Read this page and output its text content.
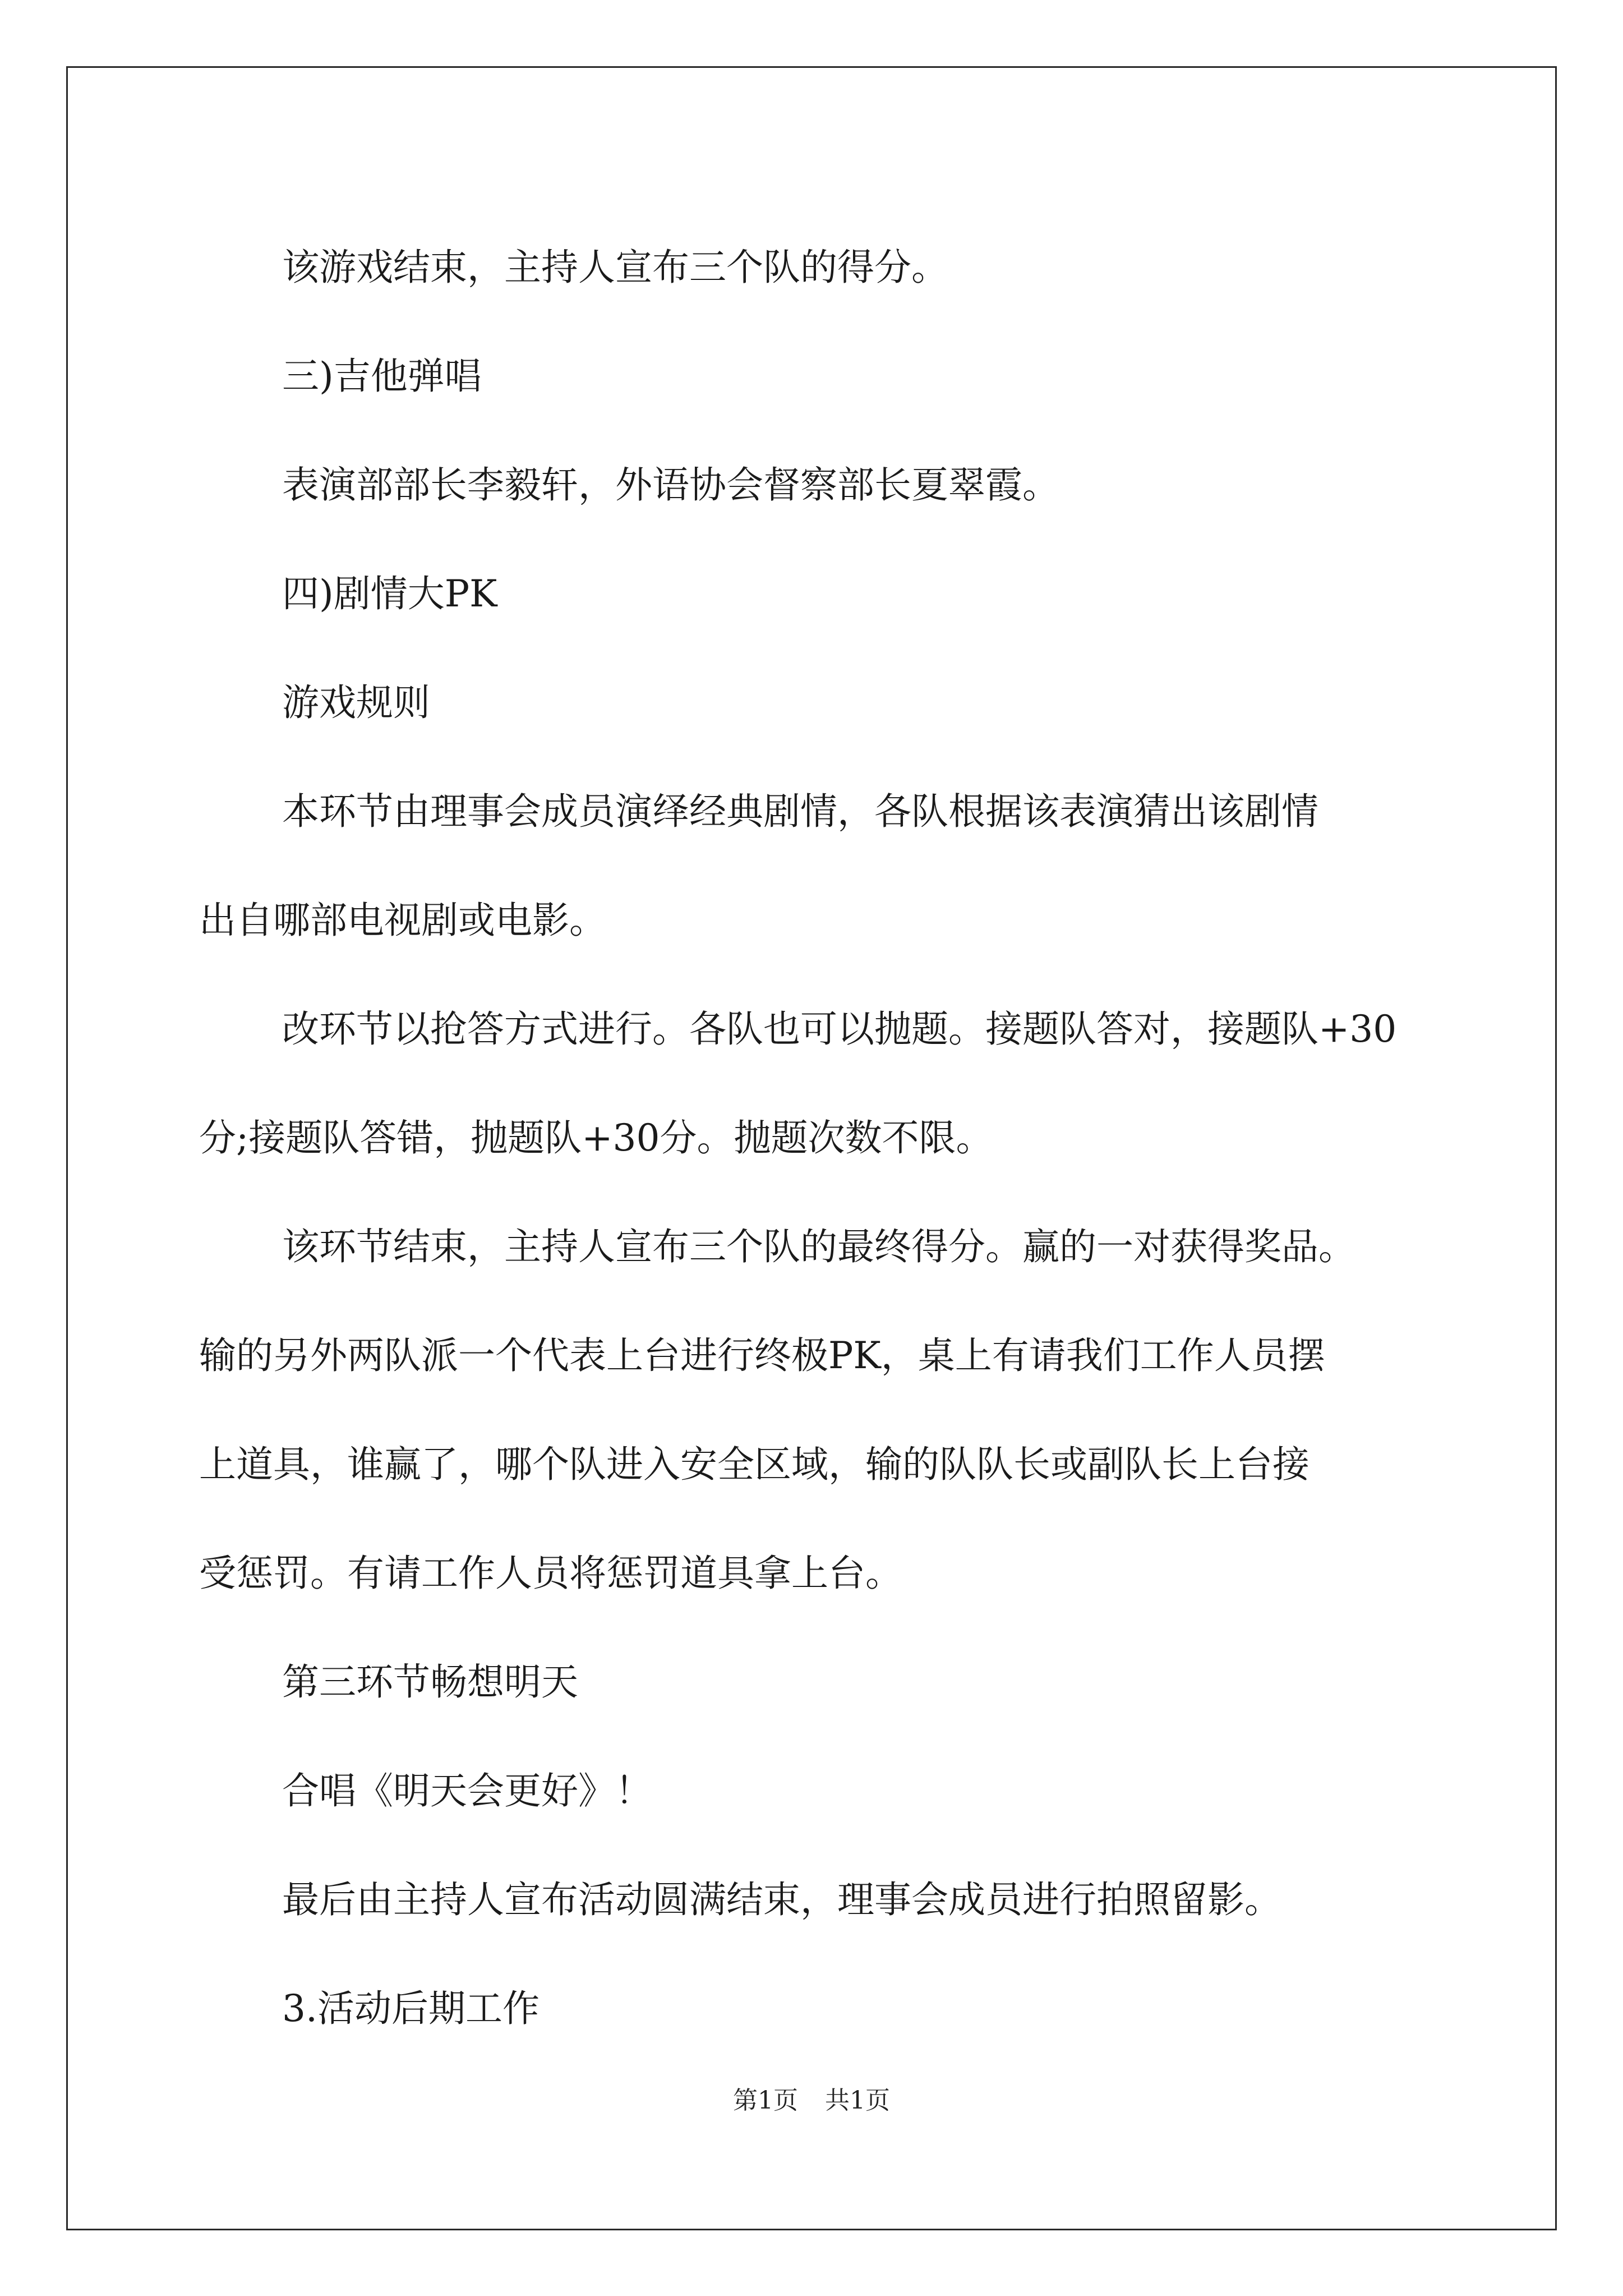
该游戏结束，主持人宣布三个队的得分。

三)吉他弹唱

表演部部长李毅轩，外语协会督察部长夏翠霞。

四)剧情大PK

游戏规则

本环节由理事会成员演绎经典剧情，各队根据该表演猜出该剧情

出自哪部电视剧或电影。

改环节以抢答方式进行。各队也可以抛题。接题队答对，接题队+30

分;接题队答错，抛题队+30分。抛题次数不限。

该环节结束，主持人宣布三个队的最终得分。赢的一对获得奖品。

输的另外两队派一个代表上台进行终极PK，桌上有请我们工作人员摆

上道具，谁赢了，哪个队进入安全区域，输的队队长或副队长上台接

受惩罚。有请工作人员将惩罚道具拿上台。

第三环节畅想明天

合唱《明天会更好》！

最后由主持人宣布活动圆满结束，理事会成员进行拍照留影。

3.活动后期工作

第1页 共1页
